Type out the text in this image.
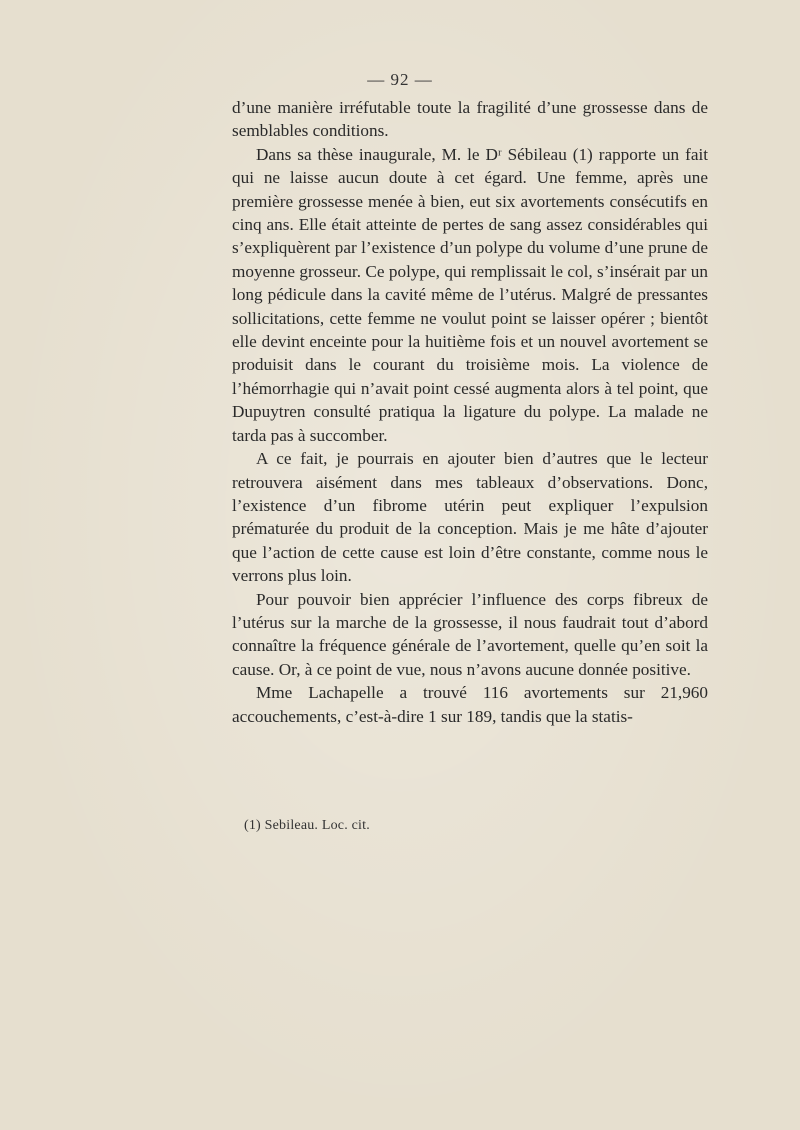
— 92 —

d’une manière irréfutable toute la fragilité d’une grossesse dans de semblables conditions.

Dans sa thèse inaugurale, M. le Dʳ Sébileau (1) rapporte un fait qui ne laisse aucun doute à cet égard. Une femme, après une première grossesse menée à bien, eut six avortements consécutifs en cinq ans. Elle était atteinte de pertes de sang assez considérables qui s’expliquèrent par l’existence d’un polype du volume d’une prune de moyenne grosseur. Ce polype, qui remplissait le col, s’insérait par un long pédicule dans la cavité même de l’utérus. Malgré de pressantes sollicitations, cette femme ne voulut point se laisser opérer ; bientôt elle devint enceinte pour la huitième fois et un nouvel avortement se produisit dans le courant du troisième mois. La violence de l’hémorrhagie qui n’avait point cessé augmenta alors à tel point, que Dupuytren consulté pratiqua la ligature du polype. La malade ne tarda pas à succomber.

A ce fait, je pourrais en ajouter bien d’autres que le lecteur retrouvera aisément dans mes tableaux d’observations. Donc, l’existence d’un fibrome utérin peut expliquer l’expulsion prématurée du produit de la conception. Mais je me hâte d’ajouter que l’action de cette cause est loin d’être constante, comme nous le verrons plus loin.

Pour pouvoir bien apprécier l’influence des corps fibreux de l’utérus sur la marche de la grossesse, il nous faudrait tout d’abord connaître la fréquence générale de l’avortement, quelle qu’en soit la cause. Or, à ce point de vue, nous n’avons aucune donnée positive.

Mme Lachapelle a trouvé 116 avortements sur 21,960 accouchements, c’est-à-dire 1 sur 189, tandis que la statis-

(1) Sebileau. Loc. cit.
